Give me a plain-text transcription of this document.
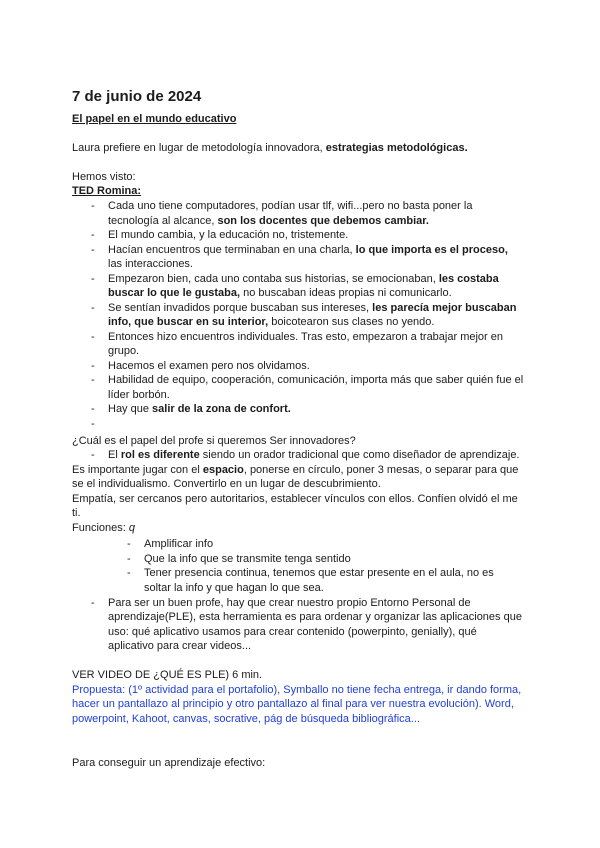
7 de junio de 2024
El papel en el mundo educativo
Laura prefiere en lugar de metodología innovadora, estrategias metodológicas.
Hemos visto:
TED Romina:
- Cada uno tiene computadores, podían usar tlf, wifi...pero no basta poner la
tecnología al alcance, son los docentes que debemos cambiar.
- El mundo cambia, y la educación no, tristemente.
- Hacían encuentros que terminaban en una charla, lo que importa es el proceso,
las interacciones.
- Empezaron bien, cada uno contaba sus historias, se emocionaban, les costaba
buscar lo que le gustaba, no buscaban ideas propias ni comunicarlo.
- Se sentían invadidos porque buscaban sus intereses, les parecía mejor buscaban
info, que buscar en su interior, boicotearon sus clases no yendo.
- Entonces hizo encuentros individuales. Tras esto, empezaron a trabajar mejor en
grupo.
- Hacemos el examen pero nos olvidamos.
- Habilidad de equipo, cooperación, comunicación, importa más que saber quién fue el
líder borbón.
- Hay que salir de la zona de confort.
-
¿Cuál es el papel del profe si queremos Ser innovadores?
- El rol es diferente siendo un orador tradicional que como diseñador de aprendizaje.
Es importante jugar con el espacio, ponerse en círculo, poner 3 mesas, o separar para que
se el individualismo. Convertirlo en un lugar de descubrimiento.
Empatía, ser cercanos pero autoritarios, establecer vínculos con ellos. Confíen olvidó el me
ti.
Funciones: q
- Amplificar info
- Que la info que se transmite tenga sentido
- Tener presencia continua, tenemos que estar presente en el aula, no es
soltar la info y que hagan lo que sea.
- Para ser un buen profe, hay que crear nuestro propio Entorno Personal de
aprendizaje(PLE), esta herramienta es para ordenar y organizar las aplicaciones que
uso: qué aplicativo usamos para crear contenido (powerpinto, genially), qué
aplicativo para crear videos...
VER VIDEO DE ¿QUÉ ES PLE) 6 min.
Propuesta: (1º actividad para el portafolio), Symballo no tiene fecha entrega, ir dando forma,
hacer un pantallazo al principio y otro pantallazo al final para ver nuestra evolución). Word,
powerpoint, Kahoot, canvas, socrative, pág de búsqueda bibliográfica...
Para conseguir un aprendizaje efectivo:
